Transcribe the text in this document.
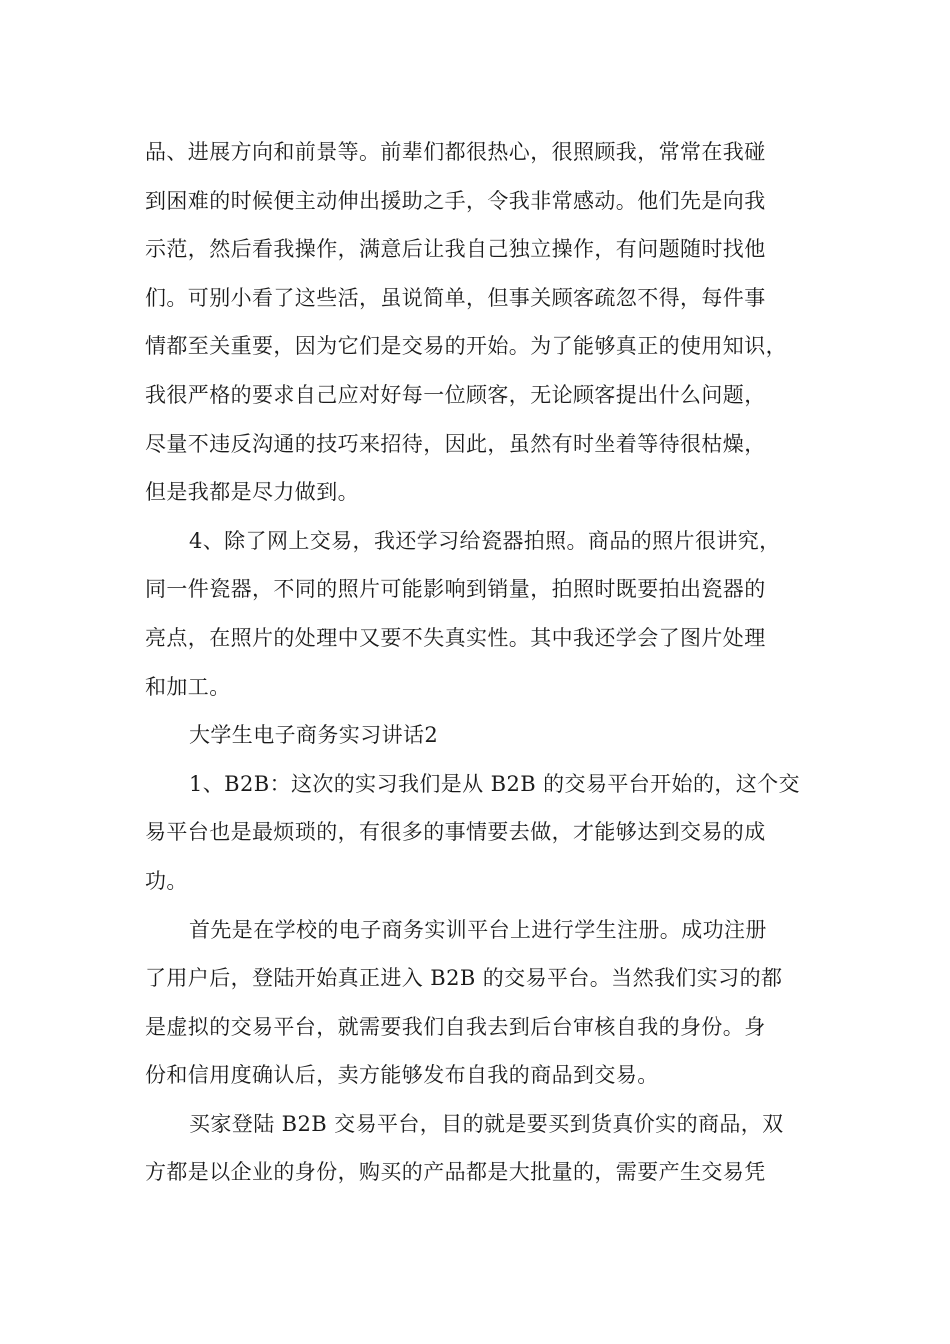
品、进展方向和前景等。前辈们都很热心，很照顾我，常常在我碰
到困难的时候便主动伸出援助之手，令我非常感动。他们先是向我
示范，然后看我操作，满意后让我自己独立操作，有问题随时找他
们。可别小看了这些活，虽说简单，但事关顾客疏忽不得，每件事
情都至关重要，因为它们是交易的开始。为了能够真正的使用知识，
我很严格的要求自己应对好每一位顾客，无论顾客提出什么问题，
尽量不违反沟通的技巧来招待，因此，虽然有时坐着等待很枯燥，
但是我都是尽力做到。
4、除了网上交易，我还学习给瓷器拍照。商品的照片很讲究，
同一件瓷器，不同的照片可能影响到销量，拍照时既要拍出瓷器的
亮点，在照片的处理中又要不失真实性。其中我还学会了图片处理
和加工。
大学生电子商务实习讲话2
1、B2B：这次的实习我们是从 B2B 的交易平台开始的，这个交
易平台也是最烦琐的，有很多的事情要去做，才能够达到交易的成
功。
首先是在学校的电子商务实训平台上进行学生注册。成功注册
了用户后，登陆开始真正进入 B2B 的交易平台。当然我们实习的都
是虚拟的交易平台，就需要我们自我去到后台审核自我的身份。身
份和信用度确认后，卖方能够发布自我的商品到交易。
买家登陆 B2B 交易平台，目的就是要买到货真价实的商品，双
方都是以企业的身份，购买的产品都是大批量的，需要产生交易凭
